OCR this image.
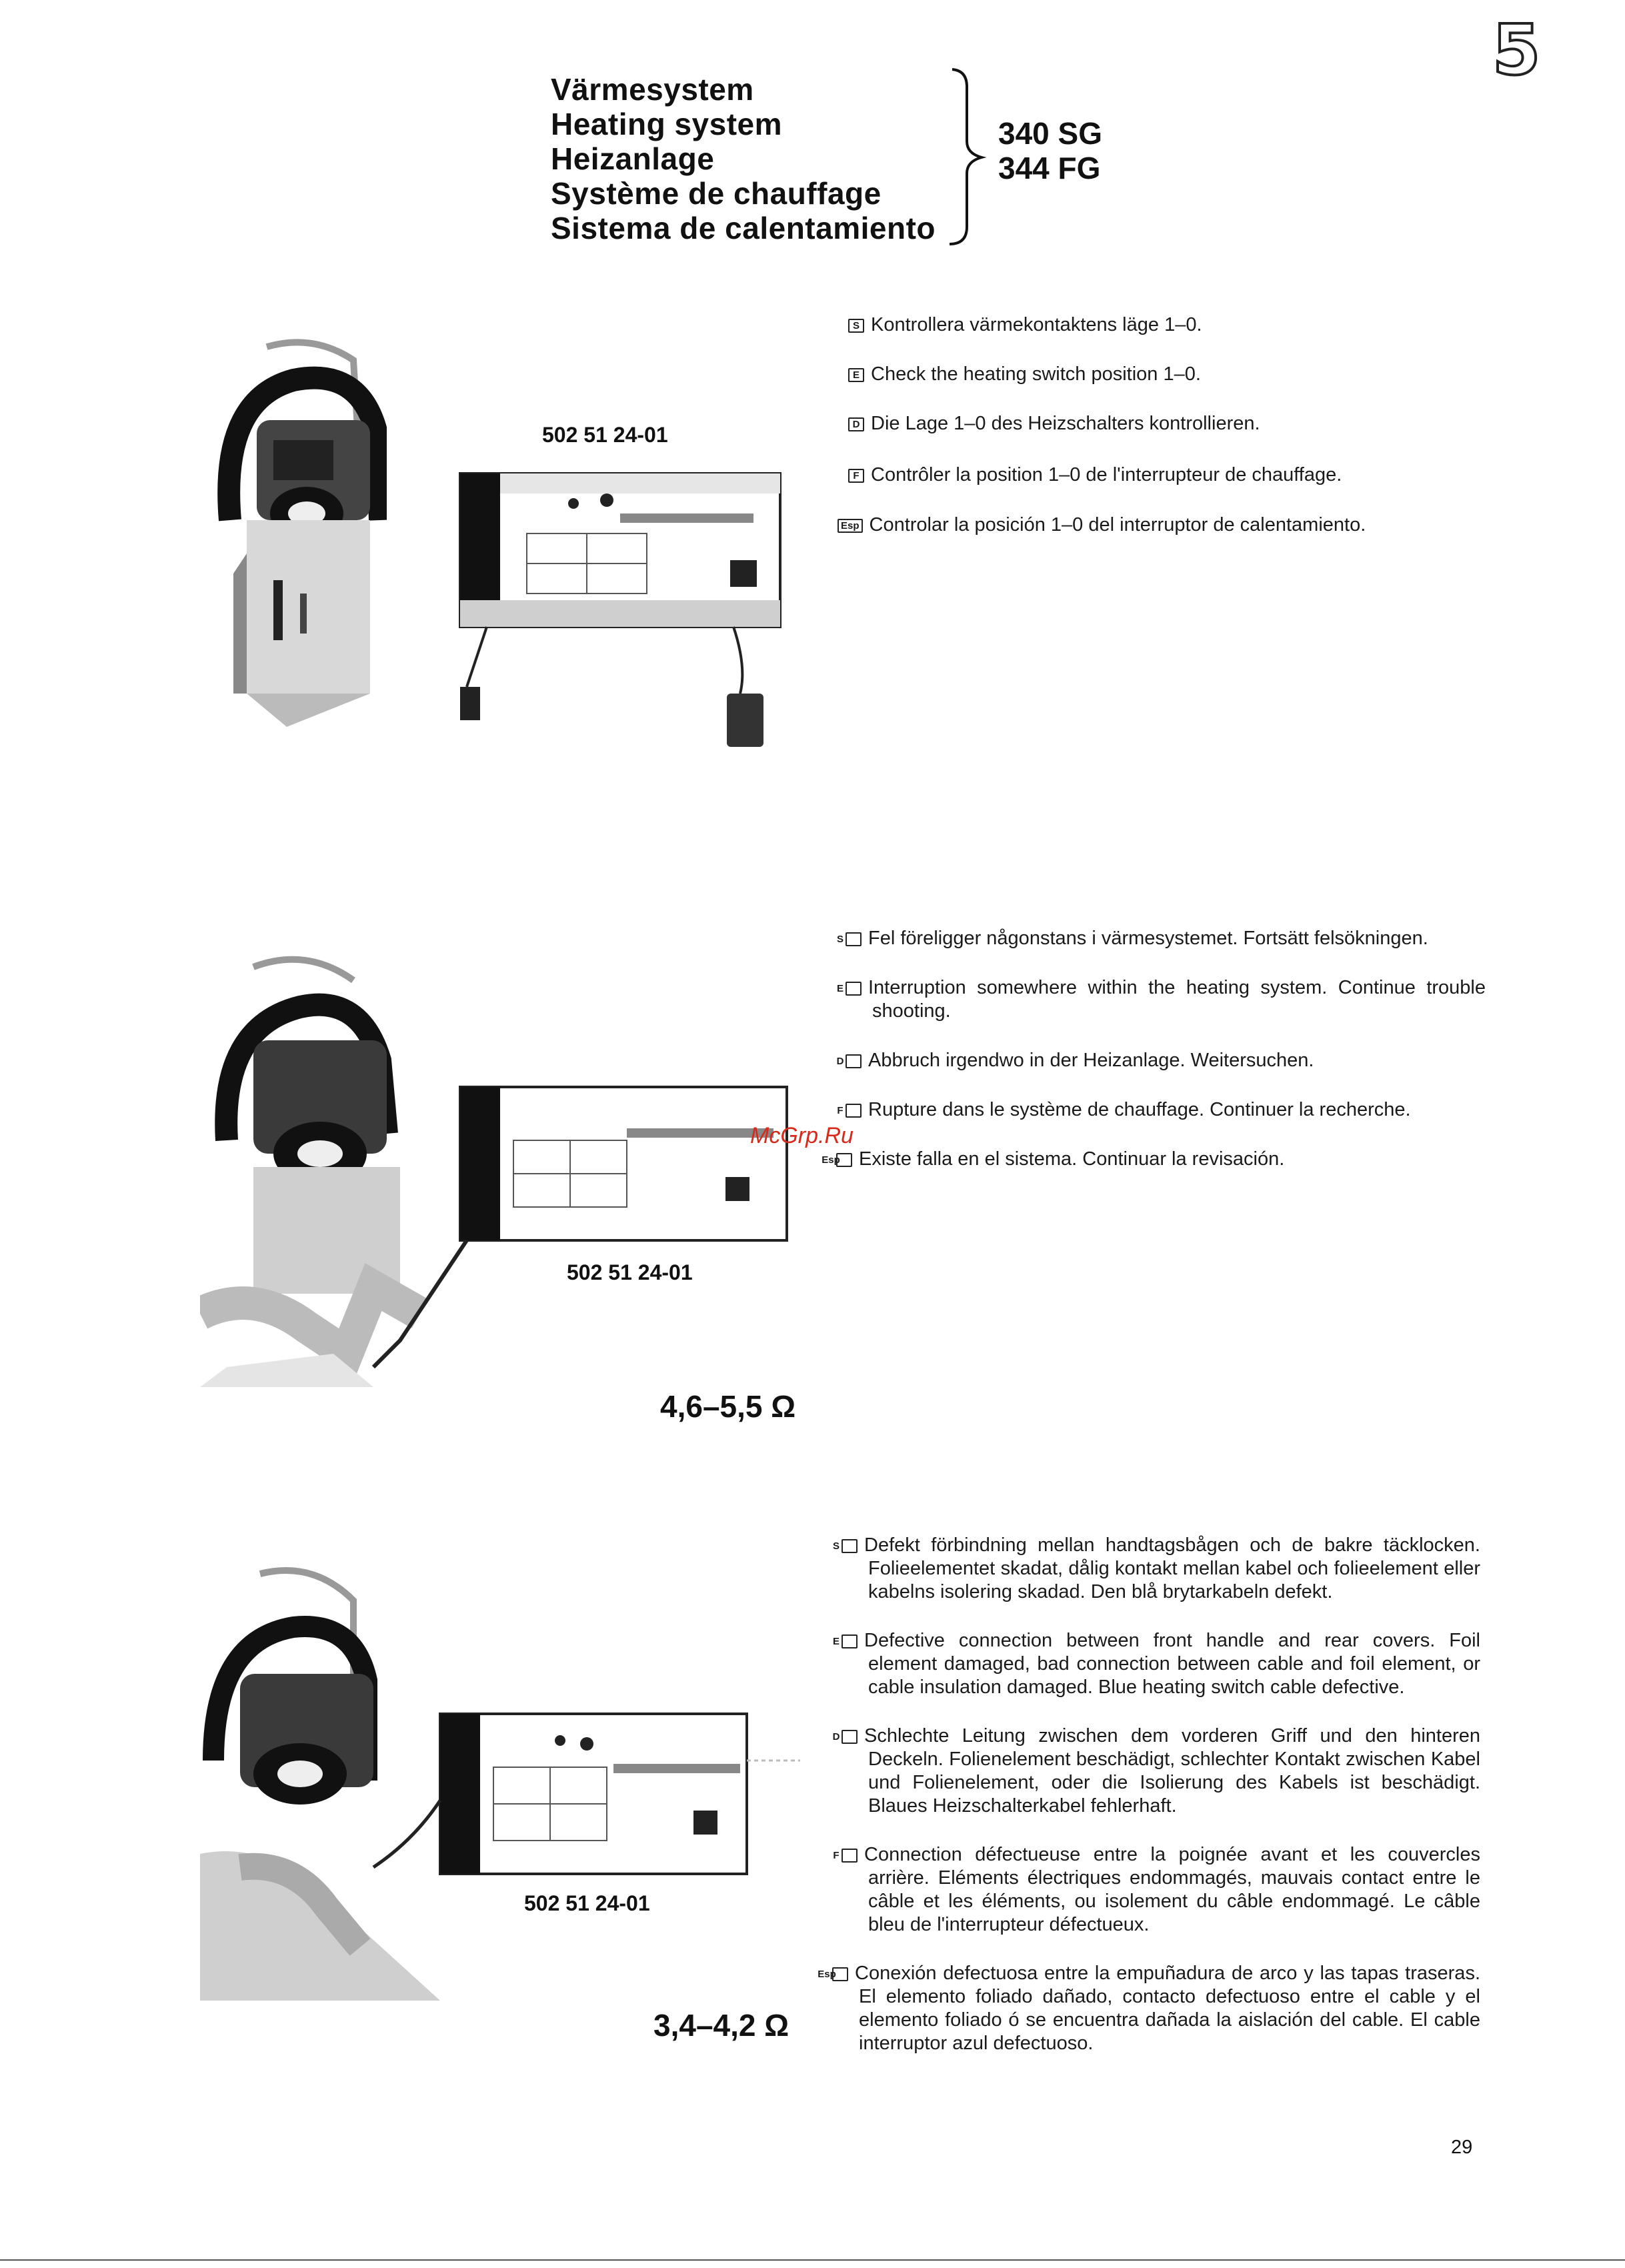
5
Värmesystem
Heating system
Heizanlage
Système de chauffage
Sistema de calentamiento
340 SG
344 FG
502 51 24-01
S Kontrollera värmekontaktens läge 1–0.
E Check the heating switch position 1–0.
D Die Lage 1–0 des Heizschalters kontrollieren.
F Contrôler la position 1–0 de l'interrupteur de chauffage.
Esp Controlar la posición 1–0 del interruptor de calentamiento.
McGrp.Ru
502 51 24-01
4,6–5,5 Ω
S Fel föreligger någonstans i värmesystemet. Fortsätt felsökningen.
E Interruption somewhere within the heating system. Continue trouble shooting.
D Abbruch irgendwo in der Heizanlage. Weitersuchen.
F Rupture dans le système de chauffage. Continuer la recherche.
Esp Existe falla en el sistema. Continuar la revisación.
502 51 24-01
3,4–4,2 Ω
S Defekt förbindning mellan handtagsbågen och de bakre täcklocken. Folieelementet skadat, dålig kontakt mellan kabel och folieelement eller kabelns isolering skadad. Den blå brytarkabeln defekt.
E Defective connection between front handle and rear covers. Foil element damaged, bad connection between cable and foil element, or cable insulation damaged. Blue heating switch cable defective.
D Schlechte Leitung zwischen dem vorderen Griff und den hinteren Deckeln. Folienelement beschädigt, schlechter Kontakt zwischen Kabel und Folienelement, oder die Isolierung des Kabels ist beschädigt. Blaues Heizschalterkabel fehlerhaft.
F Connection défectueuse entre la poignée avant et les couvercles arrière. Eléments électriques endommagés, mauvais contact entre le câble et les éléments, ou isolement du câble endommagé. Le câble bleu de l'interrupteur défectueux.
Esp Conexión defectuosa entre la empuñadura de arco y las tapas traseras. El elemento foliado dañado, contacto defectuoso entre el cable y el elemento foliado ó se encuentra dañada la aislación del cable. El cable interruptor azul defectuoso.
29
